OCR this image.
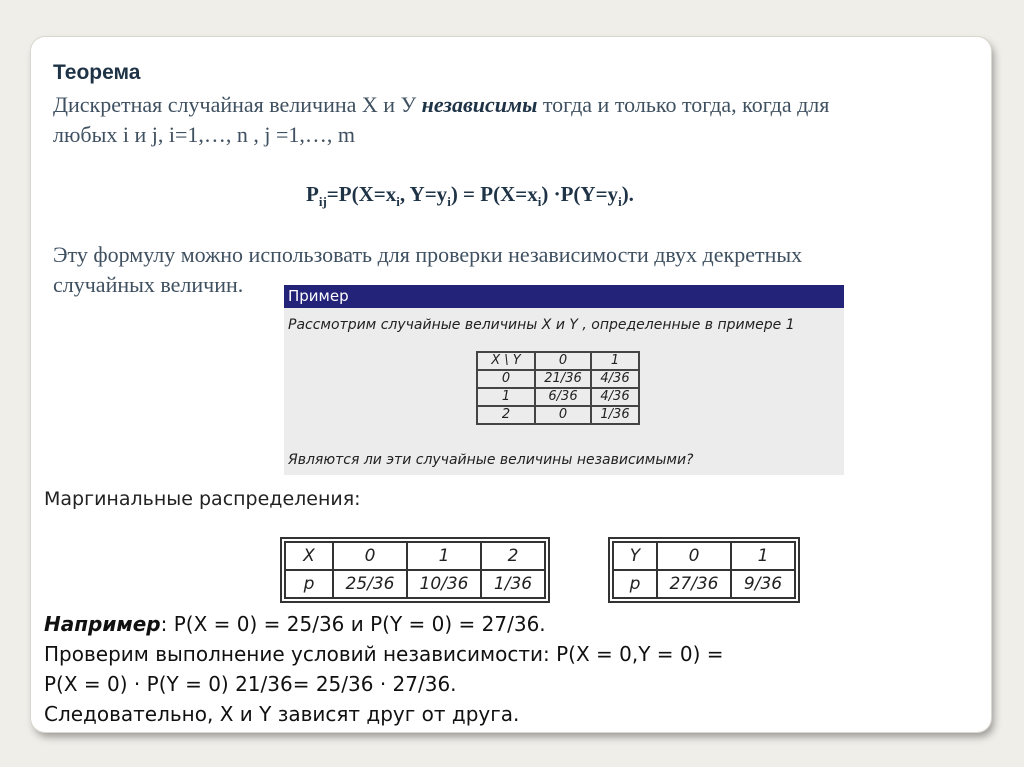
Теорема
Дискретная случайная величина Х и У независимы тогда и только тогда, когда для
любых i и j, i=1,…, n , j =1,…, m
$P_{ij}=P(X=x_i$, $Y=y_i) = P(X=x_i) \cdot P(Y=y_i)$.
Эту формулу можно использовать для проверки независимости двух декретных
случайных величин.	Пример
Рассмотрим случайные величины X и Y , определенные в примере 1
X \ Y	0	1
0	21/36	4/36
1	6/36	4/36
2	0	1/36
Являются ли эти случайные величины независимыми?
Маргинальные распределения:
X	0	1	2
p	25/36	10/36	1/36
Y	0	1
p	27/36	9/36
Например: P(X = 0) = 25/36 и P(Y = 0) = 27/36.
Проверим выполнение условий независимости: P(X = 0,Y = 0) =
P(X = 0) · P(Y = 0) 21/36= 25/36 · 27/36.
Следовательно, X и Y зависят друг от друга.
